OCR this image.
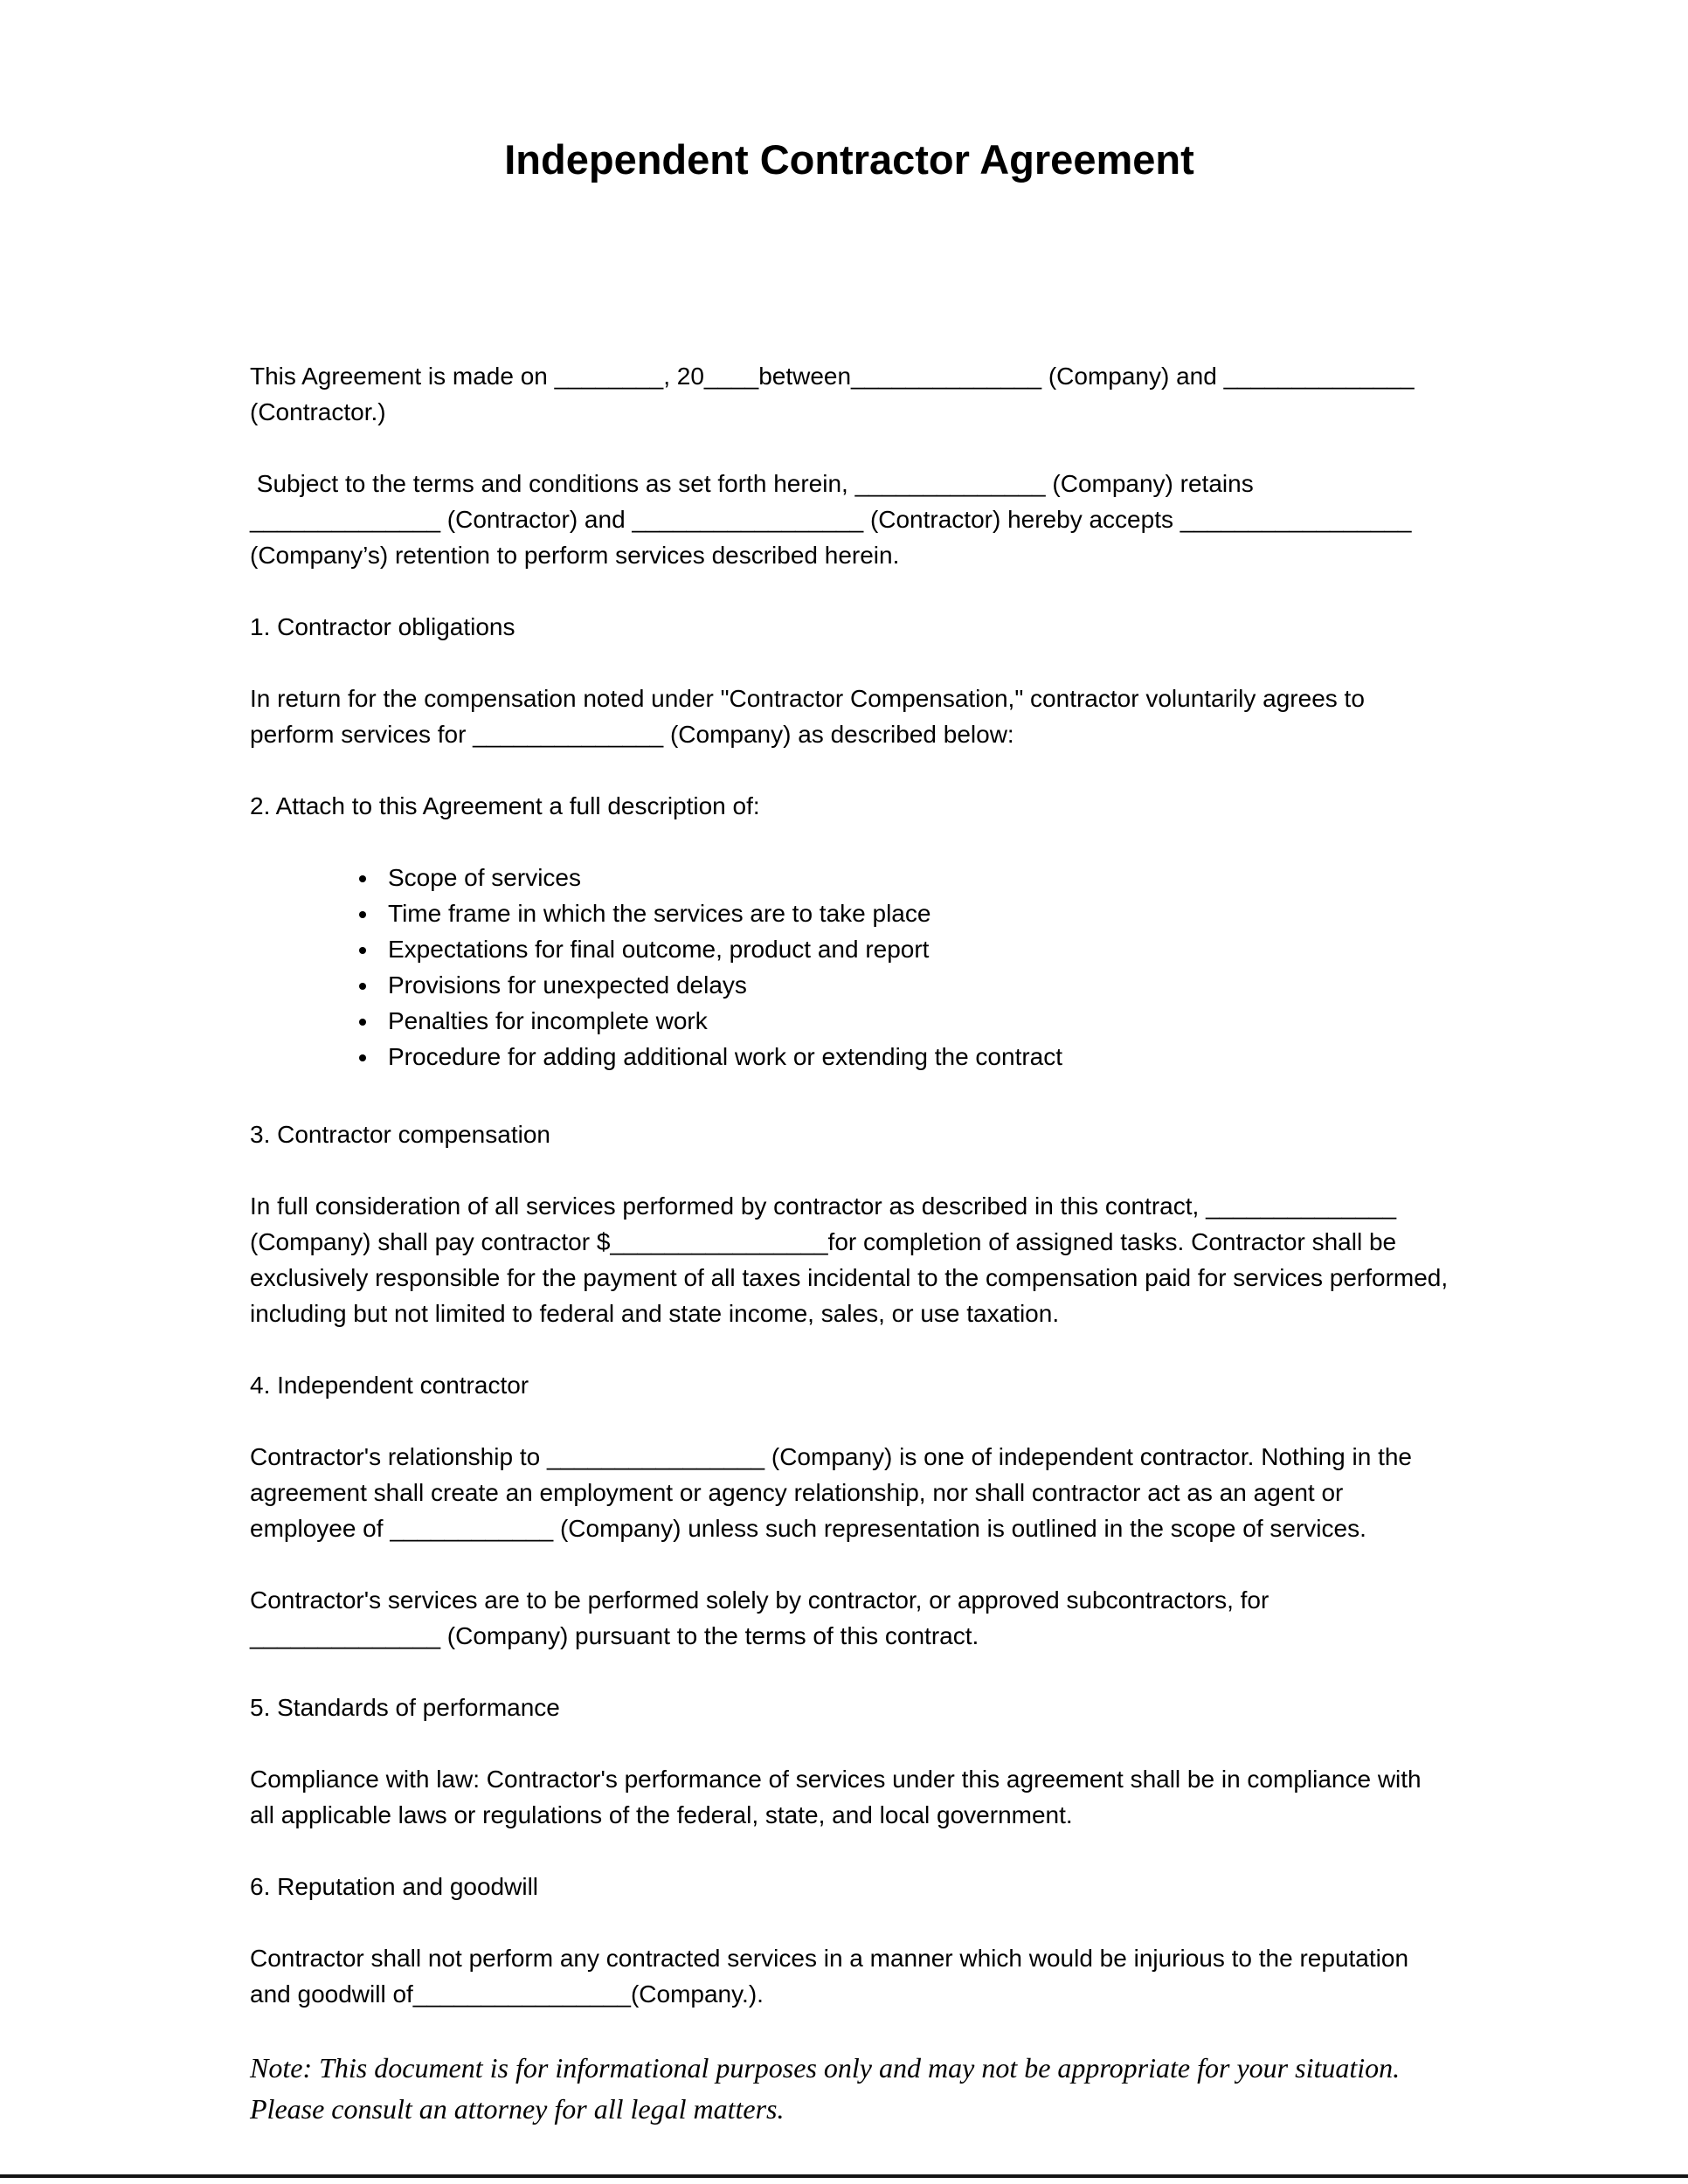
Independent Contractor Agreement

This Agreement is made on ________, 20____between______________ (Company) and ______________ (Contractor.)

Subject to the terms and conditions as set forth herein, ______________ (Company) retains ______________ (Contractor) and _________________ (Contractor) hereby accepts _________________ (Company’s) retention to perform services described herein.

1. Contractor obligations

In return for the compensation noted under "Contractor Compensation," contractor voluntarily agrees to perform services for ______________ (Company) as described below:

2. Attach to this Agreement a full description of:

• Scope of services
• Time frame in which the services are to take place
• Expectations for final outcome, product and report
• Provisions for unexpected delays
• Penalties for incomplete work
• Procedure for adding additional work or extending the contract

3. Contractor compensation

In full consideration of all services performed by contractor as described in this contract, ______________ (Company) shall pay contractor $________________for completion of assigned tasks. Contractor shall be exclusively responsible for the payment of all taxes incidental to the compensation paid for services performed, including but not limited to federal and state income, sales, or use taxation.

4. Independent contractor

Contractor's relationship to ________________ (Company) is one of independent contractor. Nothing in the agreement shall create an employment or agency relationship, nor shall contractor act as an agent or employee of ____________ (Company) unless such representation is outlined in the scope of services.

Contractor's services are to be performed solely by contractor, or approved subcontractors, for ______________ (Company) pursuant to the terms of this contract.

5. Standards of performance

Compliance with law: Contractor's performance of services under this agreement shall be in compliance with all applicable laws or regulations of the federal, state, and local government.

6. Reputation and goodwill

Contractor shall not perform any contracted services in a manner which would be injurious to the reputation and goodwill of________________(Company.).

Note: This document is for informational purposes only and may not be appropriate for your situation. Please consult an attorney for all legal matters.
